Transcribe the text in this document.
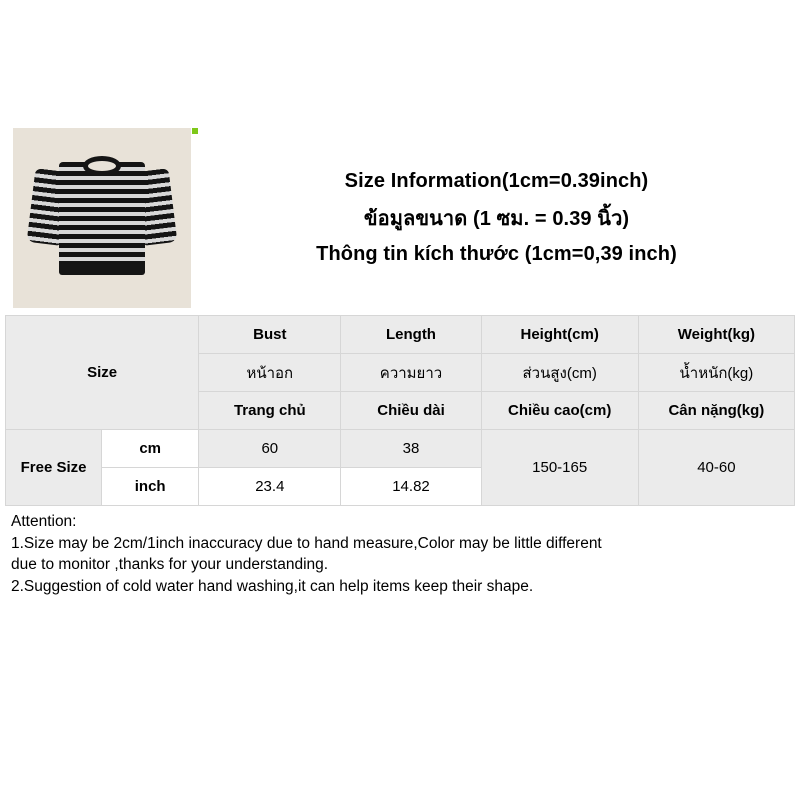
Size Information(1cm=0.39inch)
ข้อมูลขนาด (1 ซม. = 0.39 นิ้ว)
Thông tin kích thước (1cm=0,39 inch)
Size		Bust	Length	Height(cm)	Weight(kg)
		หน้าอก	ความยาว	ส่วนสูง(cm)	น้ำหนัก(kg)
		Trang chủ	Chiều dài	Chiều cao(cm)	Cân nặng(kg)
Free Size	cm	60	38	150-165	40-60
	inch	23.4	14.82		

Attention:

1.Size may be 2cm/1inch inaccuracy due to hand measure,Color may be little different

due to monitor ,thanks for your understanding.

2.Suggestion of cold water hand washing,it can help items keep their shape.
